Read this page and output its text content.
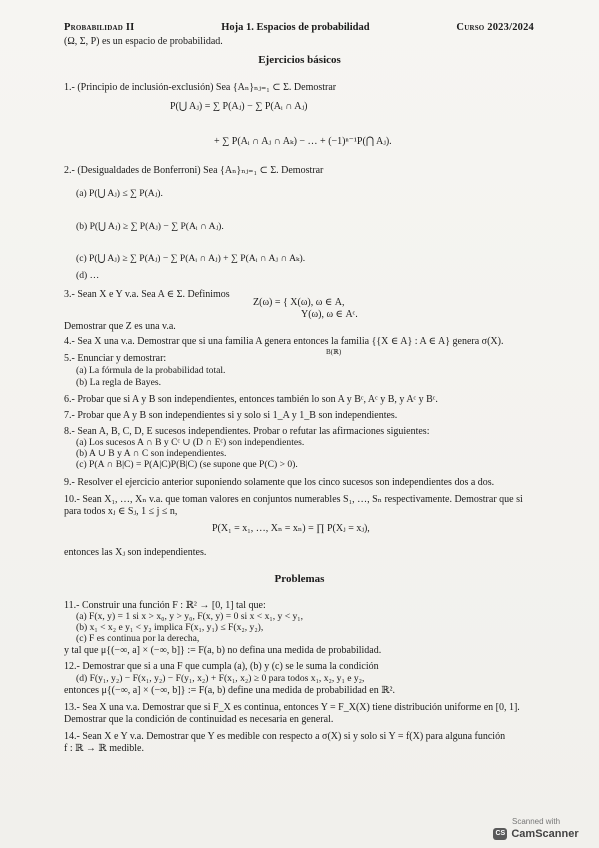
Probabilidad II	Hoja 1. Espacios de probabilidad	Curso 2023/2024
(Ω, Σ, P) es un espacio de probabilidad.
Ejercicios básicos
1.- (Principio de inclusión-exclusión) Sea {Aₙ}ₙⱼ₌₁ ⊂ Σ. Demostrar
P(⋃ Aⱼ) = ∑ P(Aⱼ) − ∑ P(Aᵢ ∩ Aⱼ)
+ ∑ P(Aᵢ ∩ Aⱼ ∩ Aₖ) − … + (−1)ⁿ⁻¹P(⋂ Aⱼ).
2.- (Desigualdades de Bonferroni) Sea {Aₙ}ₙⱼ₌₁ ⊂ Σ. Demostrar
(a) P(⋃ Aⱼ) ≤ ∑ P(Aⱼ).
(b) P(⋃ Aⱼ) ≥ ∑ P(Aⱼ) − ∑ P(Aᵢ ∩ Aⱼ).
(c) P(⋃ Aⱼ) ≥ ∑ P(Aⱼ) − ∑ P(Aᵢ ∩ Aⱼ) + ∑ P(Aᵢ ∩ Aⱼ ∩ Aₖ).
(d) …
3.- Sean X e Y v.a. Sea A ∈ Σ. Definimos
Z(ω) = { X(ω), ω ∈ A,
Y(ω), ω ∈ Aᶜ.
Demostrar que Z es una v.a.
4.- Sea X una v.a. Demostrar que si una familia A genera entonces la familia {{X ∈ A} : A ∈ A} genera σ(X).
B(ℝ)
5.- Enunciar y demostrar:
(a) La fórmula de la probabilidad total.
(b) La regla de Bayes.
6.- Probar que si A y B son independientes, entonces también lo son A y Bᶜ, Aᶜ y B, y Aᶜ y Bᶜ.
7.- Probar que A y B son independientes si y solo si 1_A y 1_B son independientes.
8.- Sean A, B, C, D, E sucesos independientes. Probar o refutar las afirmaciones siguientes:
(a) Los sucesos A ∩ B y Cᶜ ∪ (D ∩ Eᶜ) son independientes.
(b) A ∪ B y A ∩ C son independientes.
(c) P(A ∩ B|C) = P(A|C)P(B|C) (se supone que P(C) > 0).
9.- Resolver el ejercicio anterior suponiendo solamente que los cinco sucesos son independientes dos a dos.
10.- Sean X₁, …, Xₙ v.a. que toman valores en conjuntos numerables S₁, …, Sₙ respectivamente. Demostrar que si
para todos xⱼ ∈ Sⱼ, 1 ≤ j ≤ n,
P(X₁ = x₁, …, Xₙ = xₙ) = ∏ P(Xⱼ = xⱼ),
entonces las Xⱼ son independientes.
Problemas
11.- Construir una función F : ℝ² → [0, 1] tal que:
(a) F(x, y) = 1 si x > x₀, y > y₀, F(x, y) = 0 si x < x₁, y < y₁,
(b) x₁ < x₂ e y₁ < y₂ implica F(x₁, y₁) ≤ F(x₂, y₂),
(c) F es continua por la derecha,
y tal que μ{(−∞, a] × (−∞, b]} := F(a, b) no defina una medida de probabilidad.
12.- Demostrar que si a una F que cumpla (a), (b) y (c) se le suma la condición
(d) F(y₁, y₂) − F(x₁, y₂) − F(y₁, x₂) + F(x₁, x₂) ≥ 0 para todos x₁, x₂, y₁ e y₂,
entonces μ{(−∞, a] × (−∞, b]} := F(a, b) define una medida de probabilidad en ℝ².
13.- Sea X una v.a. Demostrar que si F_X es continua, entonces Y = F_X(X) tiene distribución uniforme en [0, 1].
Demostrar que la condición de continuidad es necesaria en general.
14.- Sean X e Y v.a. Demostrar que Y es medible con respecto a σ(X) si y solo si Y = f(X) para alguna función
f : ℝ → ℝ medible.
Scanned with
CS CamScanner
